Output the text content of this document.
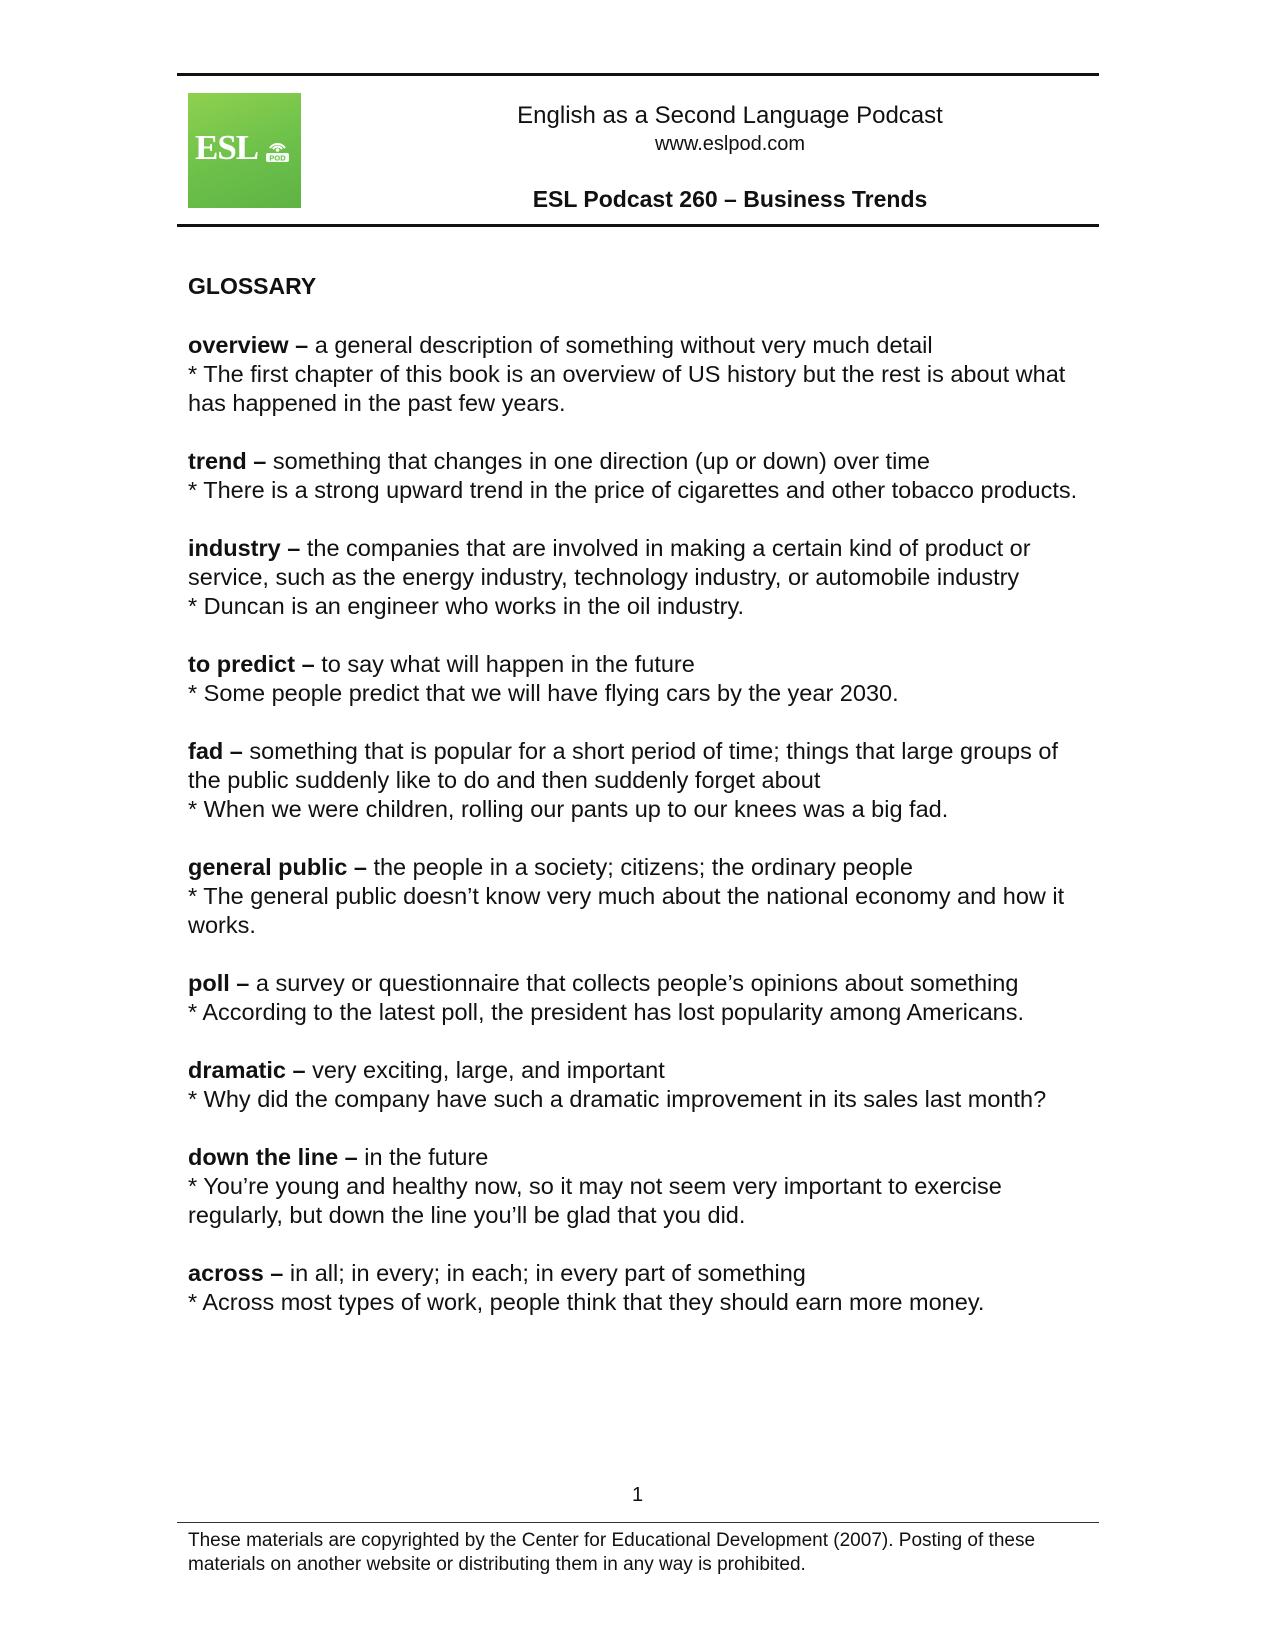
ESL POD
English as a Second Language Podcast
www.eslpod.com
ESL Podcast 260 – Business Trends
GLOSSARY

overview – a general description of something without very much detail
* The first chapter of this book is an overview of US history but the rest is about what has happened in the past few years.

trend – something that changes in one direction (up or down) over time
* There is a strong upward trend in the price of cigarettes and other tobacco products.

industry – the companies that are involved in making a certain kind of product or service, such as the energy industry, technology industry, or automobile industry
* Duncan is an engineer who works in the oil industry.

to predict – to say what will happen in the future
* Some people predict that we will have flying cars by the year 2030.

fad – something that is popular for a short period of time; things that large groups of the public suddenly like to do and then suddenly forget about
* When we were children, rolling our pants up to our knees was a big fad.

general public – the people in a society; citizens; the ordinary people
* The general public doesn’t know very much about the national economy and how it works.

poll – a survey or questionnaire that collects people’s opinions about something
* According to the latest poll, the president has lost popularity among Americans.

dramatic – very exciting, large, and important
* Why did the company have such a dramatic improvement in its sales last month?

down the line – in the future
* You’re young and healthy now, so it may not seem very important to exercise regularly, but down the line you’ll be glad that you did.

across – in all; in every; in each; in every part of something
* Across most types of work, people think that they should earn more money.

1
These materials are copyrighted by the Center for Educational Development (2007). Posting of these materials on another website or distributing them in any way is prohibited.
